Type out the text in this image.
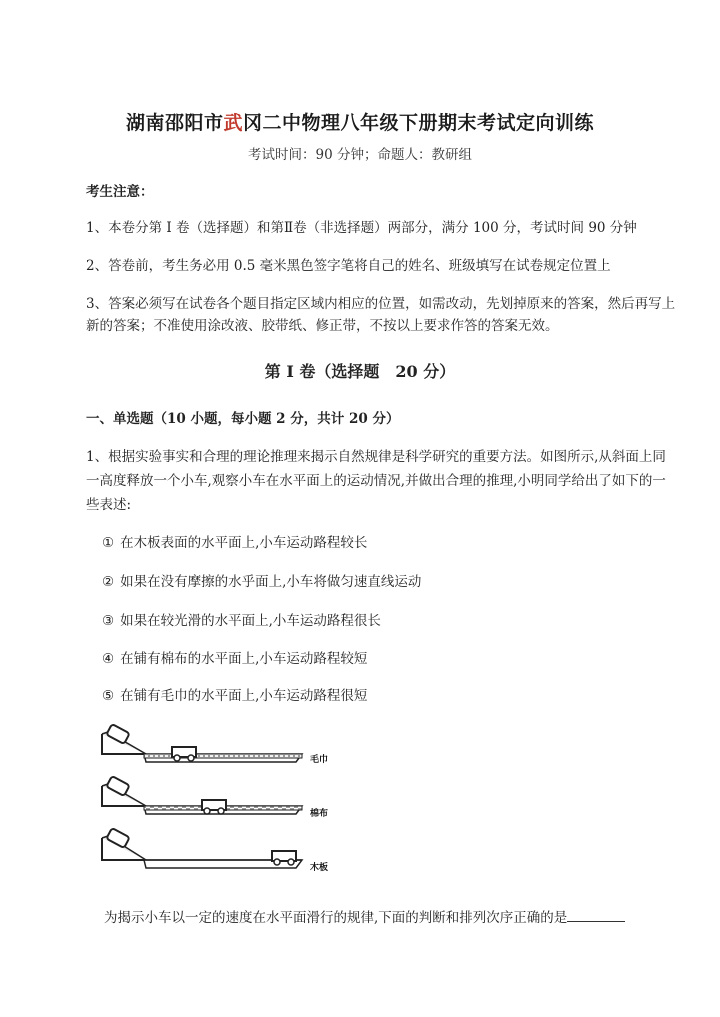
湖南邵阳市武冈二中物理八年级下册期末考试定向训练
考试时间：90 分钟；命题人：教研组
考生注意：
1、本卷分第 I 卷（选择题）和第Ⅱ卷（非选择题）两部分，满分 100 分，考试时间 90 分钟
2、答卷前，考生务必用 0.5 毫米黑色签字笔将自己的姓名、班级填写在试卷规定位置上
3、答案必须写在试卷各个题目指定区域内相应的位置，如需改动，先划掉原来的答案，然后再写上新的答案；不准使用涂改液、胶带纸、修正带，不按以上要求作答的答案无效。
第 I 卷（选择题　20 分）
一、单选题（10 小题，每小题 2 分，共计 20 分）
1、根据实验事实和合理的理论推理来揭示自然规律是科学研究的重要方法。如图所示,从斜面上同一高度释放一个小车,观察小车在水平面上的运动情况,并做出合理的推理,小明同学给出了如下的一些表述:
① 在木板表面的水平面上,小车运动路程较长
② 如果在没有摩擦的水乎面上,小车将做匀速直线运动
③ 如果在较光滑的水平面上,小车运动路程很长
④ 在铺有棉布的水平面上,小车运动路程较短
⑤ 在铺有毛巾的水平面上,小车运动路程很短
毛巾
棉布
木板
为揭示小车以一定的速度在水平面滑行的规律,下面的判断和排列次序正确的是
